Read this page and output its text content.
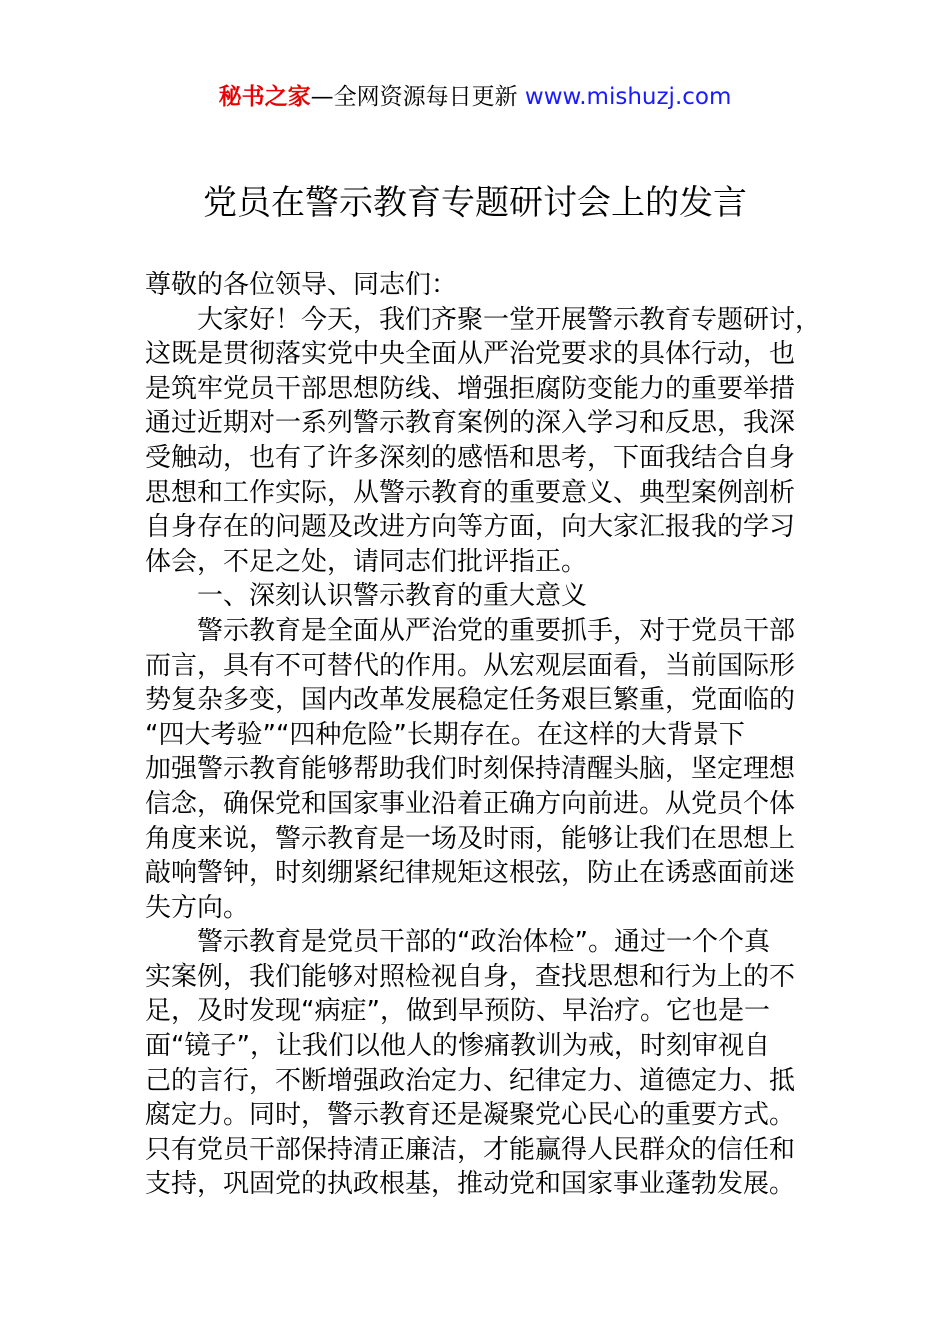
秘书之家—全网资源每日更新 www.mishuzj.com
党员在警示教育专题研讨会上的发言
尊敬的各位领导、同志们：
　　大家好！今天，我们齐聚一堂开展警示教育专题研讨，
这既是贯彻落实党中央全面从严治党要求的具体行动，也
是筑牢党员干部思想防线、增强拒腐防变能力的重要举措
通过近期对一系列警示教育案例的深入学习和反思，我深
受触动，也有了许多深刻的感悟和思考，下面我结合自身
思想和工作实际，从警示教育的重要意义、典型案例剖析
自身存在的问题及改进方向等方面，向大家汇报我的学习
体会，不足之处，请同志们批评指正。
　　一、深刻认识警示教育的重大意义
　　警示教育是全面从严治党的重要抓手，对于党员干部
而言，具有不可替代的作用。从宏观层面看，当前国际形
势复杂多变，国内改革发展稳定任务艰巨繁重，党面临的
“四大考验”“四种危险”长期存在。在这样的大背景下
加强警示教育能够帮助我们时刻保持清醒头脑，坚定理想
信念，确保党和国家事业沿着正确方向前进。从党员个体
角度来说，警示教育是一场及时雨，能够让我们在思想上
敲响警钟，时刻绷紧纪律规矩这根弦，防止在诱惑面前迷
失方向。
　　警示教育是党员干部的“政治体检”。通过一个个真
实案例，我们能够对照检视自身，查找思想和行为上的不
足，及时发现“病症”，做到早预防、早治疗。它也是一
面“镜子”，让我们以他人的惨痛教训为戒，时刻审视自
己的言行，不断增强政治定力、纪律定力、道德定力、抵
腐定力。同时，警示教育还是凝聚党心民心的重要方式。
只有党员干部保持清正廉洁，才能赢得人民群众的信任和
支持，巩固党的执政根基，推动党和国家事业蓬勃发展。
